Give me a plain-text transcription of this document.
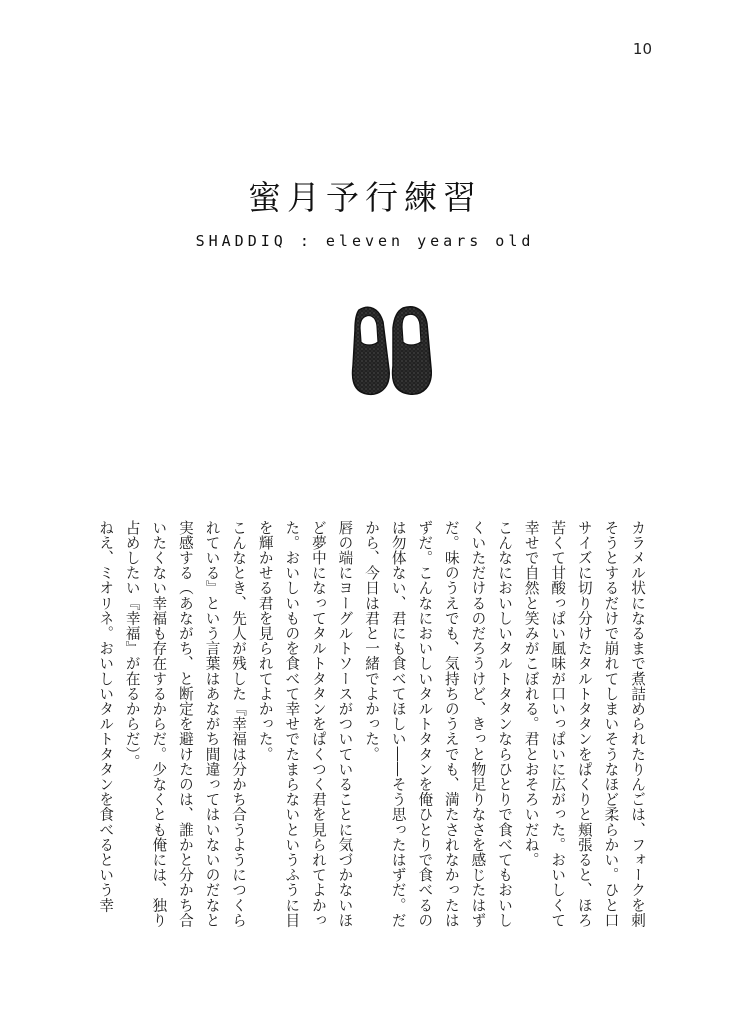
10
蜜月予行練習
SHADDIQ : eleven years old

カラメル状になるまで煮詰められたりんごは、フォークを刺そうとするだけで崩れてしまいそうなほど柔らかい。ひと口サイズに切り分けたタルトタタンをぱくりと頬張ると、ほろ苦くて甘酸っぱい風味が口いっぱいに広がった。おいしくて幸せで自然と笑みがこぼれる。君とおそろいだね。

こんなにおいしいタルトタタンならひとりで食べてもおいしくいただけるのだろうけど、きっと物足りなさを感じたはずだ。味のうえでも、気持ちのうえでも、満たされなかったはずだ。こんなにおいしいタルトタタンを俺ひとりで食べるのは勿体ない、君にも食べてほしい――そう思ったはずだ。だから、今日は君と一緒でよかった。

唇の端にヨーグルトソースがついていることに気づかないほど夢中になってタルトタタンをぱくつく君を見られてよかった。おいしいものを食べて幸せでたまらないというふうに目を輝かせる君を見られてよかった。

こんなとき、先人が残した『幸福は分かち合うようにつくられている』という言葉はあながち間違ってはいないのだなと実感する（あながち、と断定を避けたのは、誰かと分かち合いたくない幸福も存在するからだ。少なくとも俺には、独り占めしたい『幸福』が在るからだ）。

ねえ、ミオリネ。おいしいタルトタタンを食べるという幸
